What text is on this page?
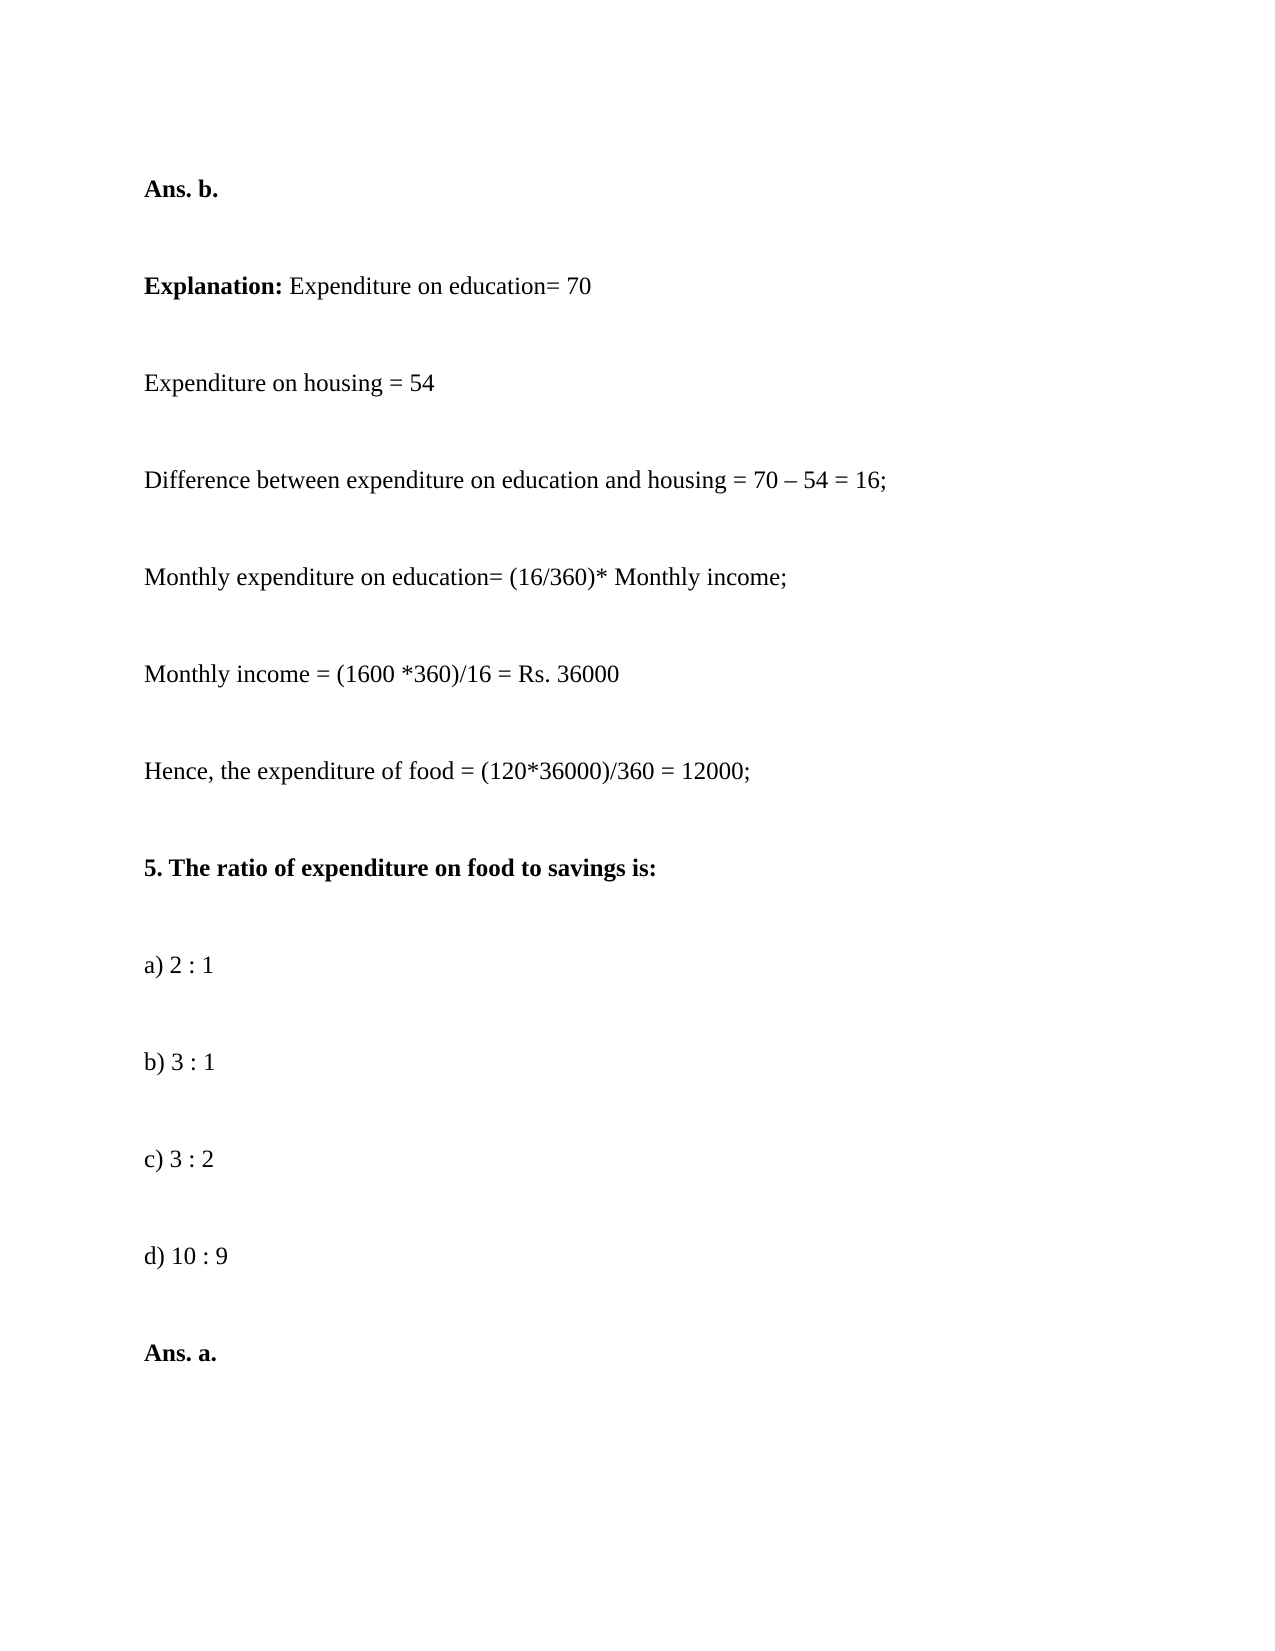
Ans. b.

Explanation: Expenditure on education= 70

Expenditure on housing = 54

Difference between expenditure on education and housing = 70 – 54 = 16;

Monthly expenditure on education= (16/360)* Monthly income;

Monthly income = (1600 *360)/16 = Rs. 36000

Hence, the expenditure of food = (120*36000)/360 = 12000;

5. The ratio of expenditure on food to savings is:

a) 2 : 1

b) 3 : 1

c) 3 : 2

d) 10 : 9

Ans. a.
